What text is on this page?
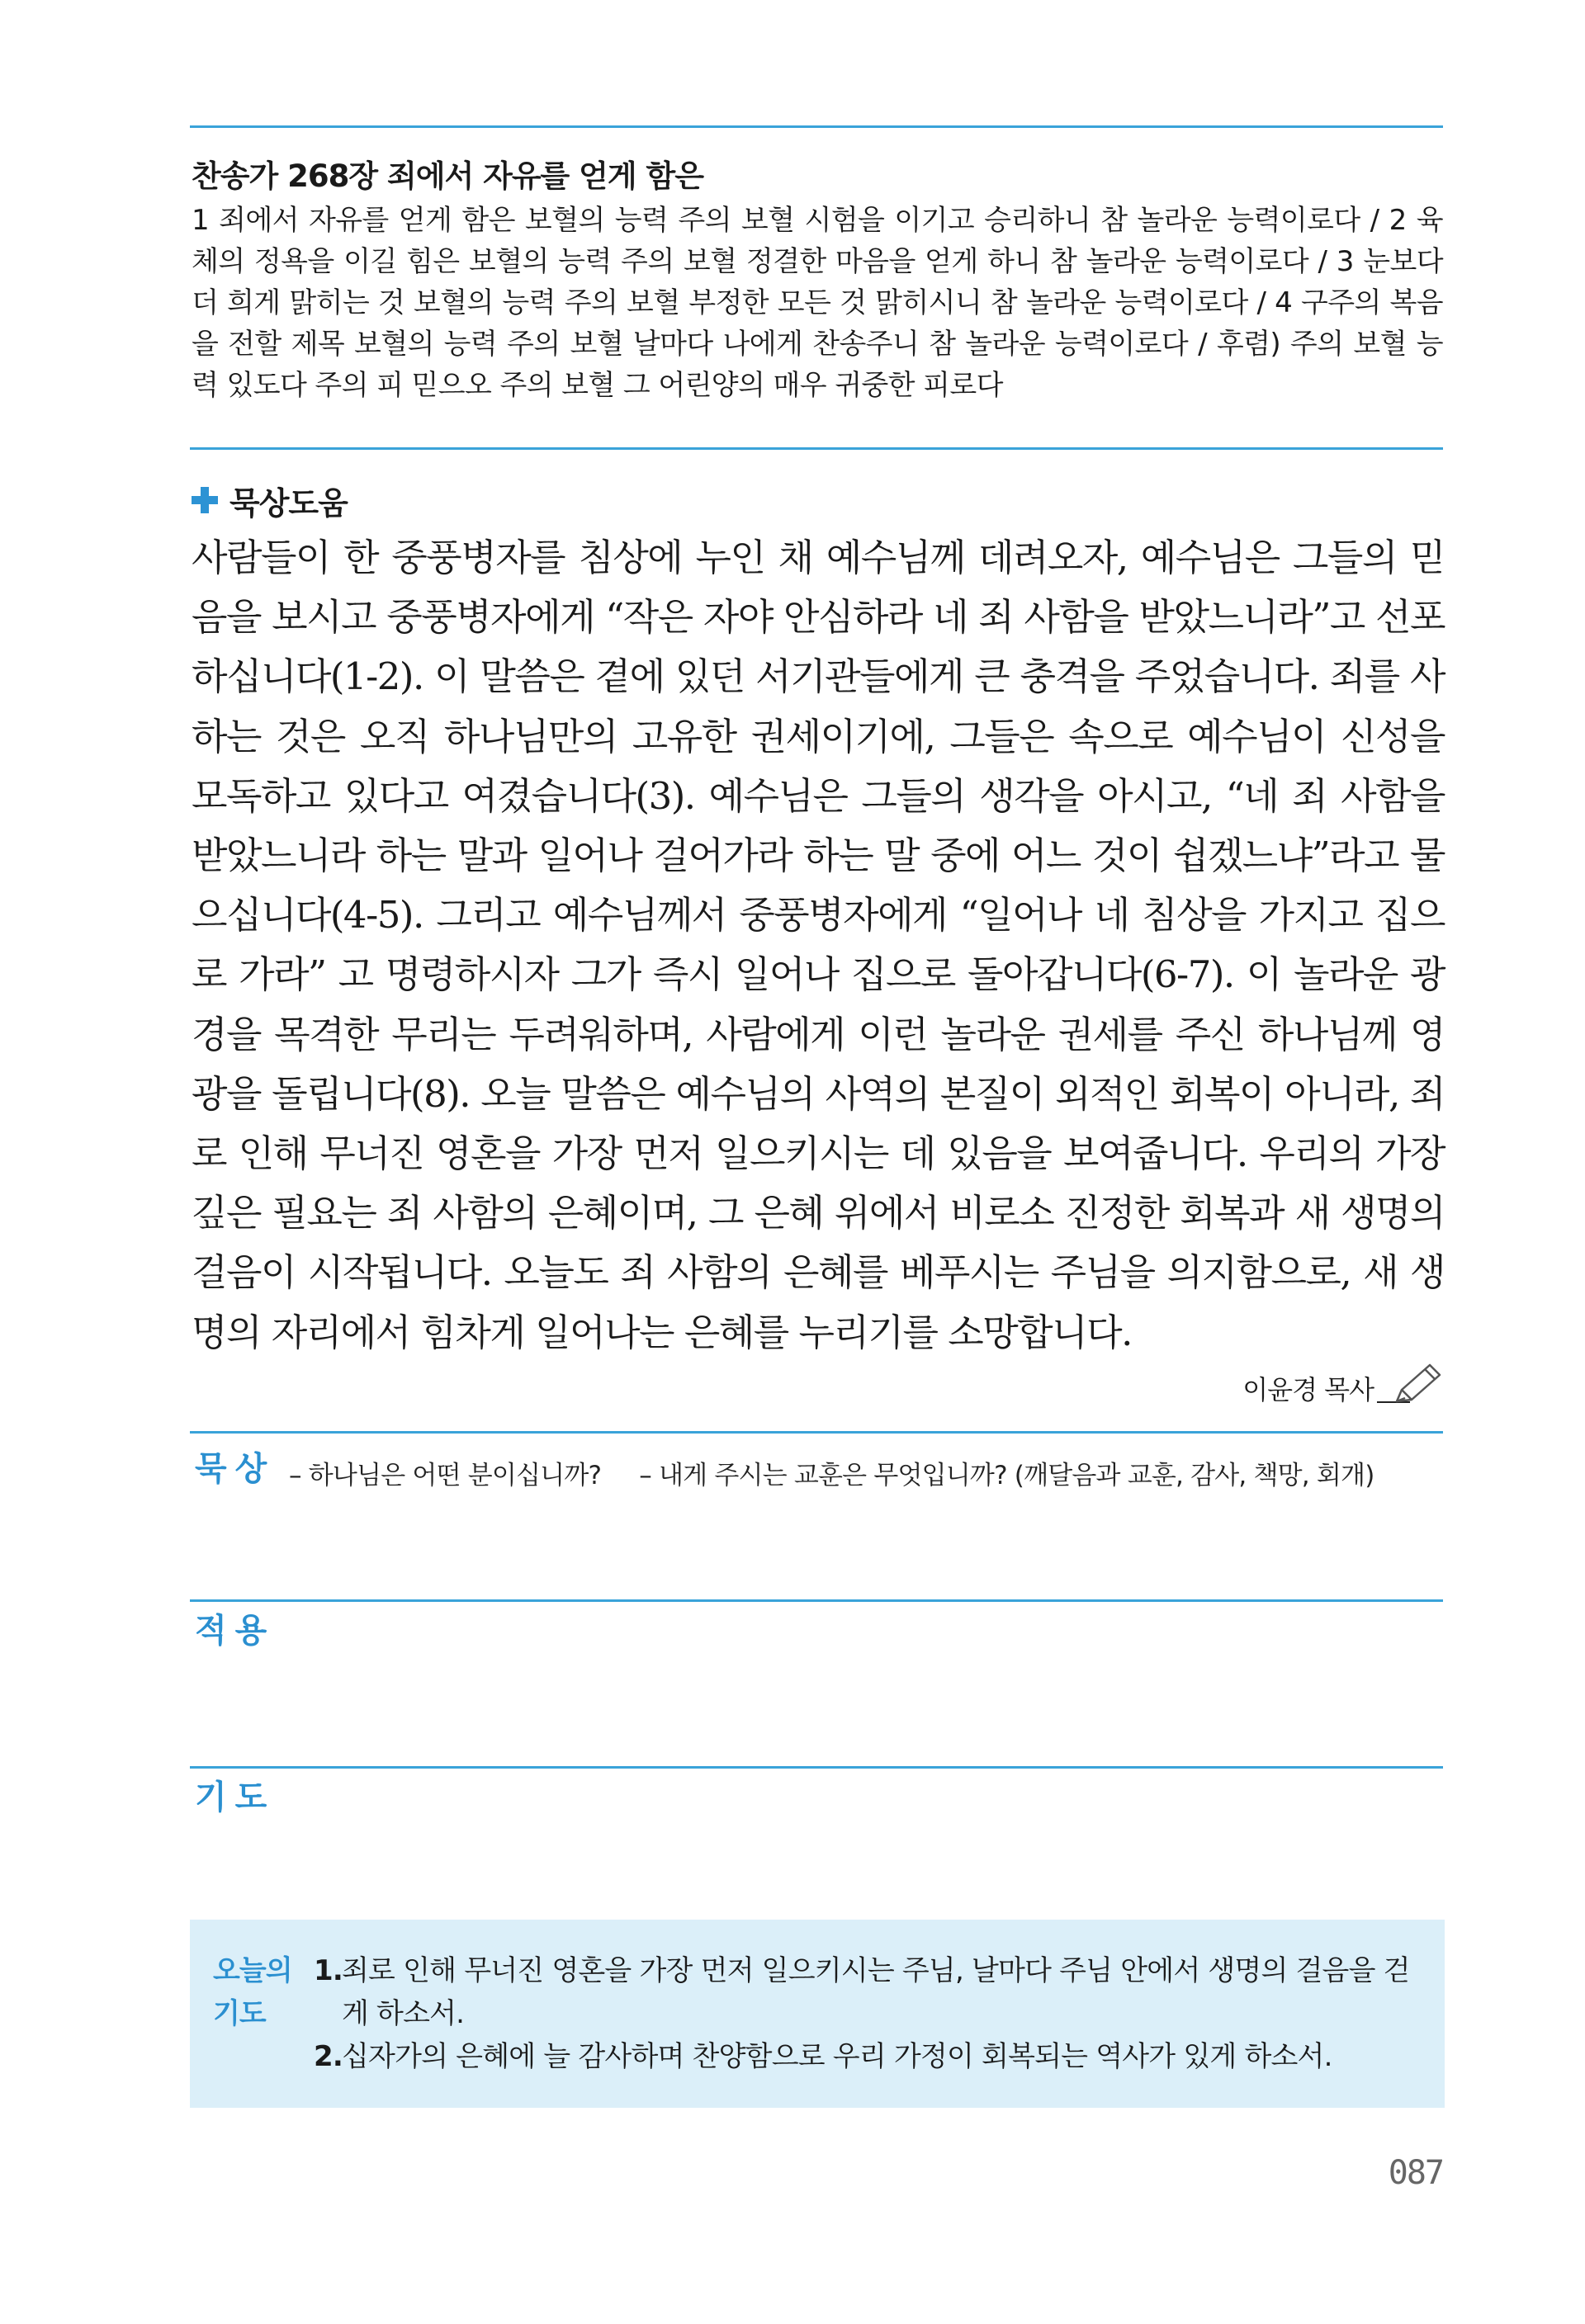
찬송가 268장 죄에서 자유를 얻게 함은
1 죄에서 자유를 얻게 함은 보혈의 능력 주의 보혈 시험을 이기고 승리하니 참 놀라운 능력이로다 / 2 육체의 정욕을 이길 힘은 보혈의 능력 주의 보혈 정결한 마음을 얻게 하니 참 놀라운 능력이로다 / 3 눈보다 더 희게 맑히는 것 보혈의 능력 주의 보혈 부정한 모든 것 맑히시니 참 놀라운 능력이로다 / 4 구주의 복음을 전할 제목 보혈의 능력 주의 보혈 날마다 나에게 찬송주니 참 놀라운 능력이로다 / 후렴) 주의 보혈 능력 있도다 주의 피 믿으오 주의 보혈 그 어린양의 매우 귀중한 피로다
묵상도움
사람들이 한 중풍병자를 침상에 누인 채 예수님께 데려오자, 예수님은 그들의 믿음을 보시고 중풍병자에게 “작은 자야 안심하라 네 죄 사함을 받았느니라”고 선포하십니다(1-2). 이 말씀은 곁에 있던 서기관들에게 큰 충격을 주었습니다. 죄를 사하는 것은 오직 하나님만의 고유한 권세이기에, 그들은 속으로 예수님이 신성을 모독하고 있다고 여겼습니다(3). 예수님은 그들의 생각을 아시고, “네 죄 사함을 받았느니라 하는 말과 일어나 걸어가라 하는 말 중에 어느 것이 쉽겠느냐”라고 물으십니다(4-5). 그리고 예수님께서 중풍병자에게 “일어나 네 침상을 가지고 집으로 가라” 고 명령하시자 그가 즉시 일어나 집으로 돌아갑니다(6-7). 이 놀라운 광경을 목격한 무리는 두려워하며, 사람에게 이런 놀라운 권세를 주신 하나님께 영광을 돌립니다(8). 오늘 말씀은 예수님의 사역의 본질이 외적인 회복이 아니라, 죄로 인해 무너진 영혼을 가장 먼저 일으키시는 데 있음을 보여줍니다. 우리의 가장 깊은 필요는 죄 사함의 은혜이며, 그 은혜 위에서 비로소 진정한 회복과 새 생명의 걸음이 시작됩니다. 오늘도 죄 사함의 은혜를 베푸시는 주님을 의지함으로, 새 생명의 자리에서 힘차게 일어나는 은혜를 누리기를 소망합니다.
이윤경 목사
묵상 – 하나님은 어떤 분이십니까? – 내게 주시는 교훈은 무엇입니까? (깨달음과 교훈, 감사, 책망, 회개)
적용
기도
오늘의
기도
1. 죄로 인해 무너진 영혼을 가장 먼저 일으키시는 주님, 날마다 주님 안에서 생명의 걸음을 걷게 하소서.
2. 십자가의 은혜에 늘 감사하며 찬양함으로 우리 가정이 회복되는 역사가 있게 하소서.
087
